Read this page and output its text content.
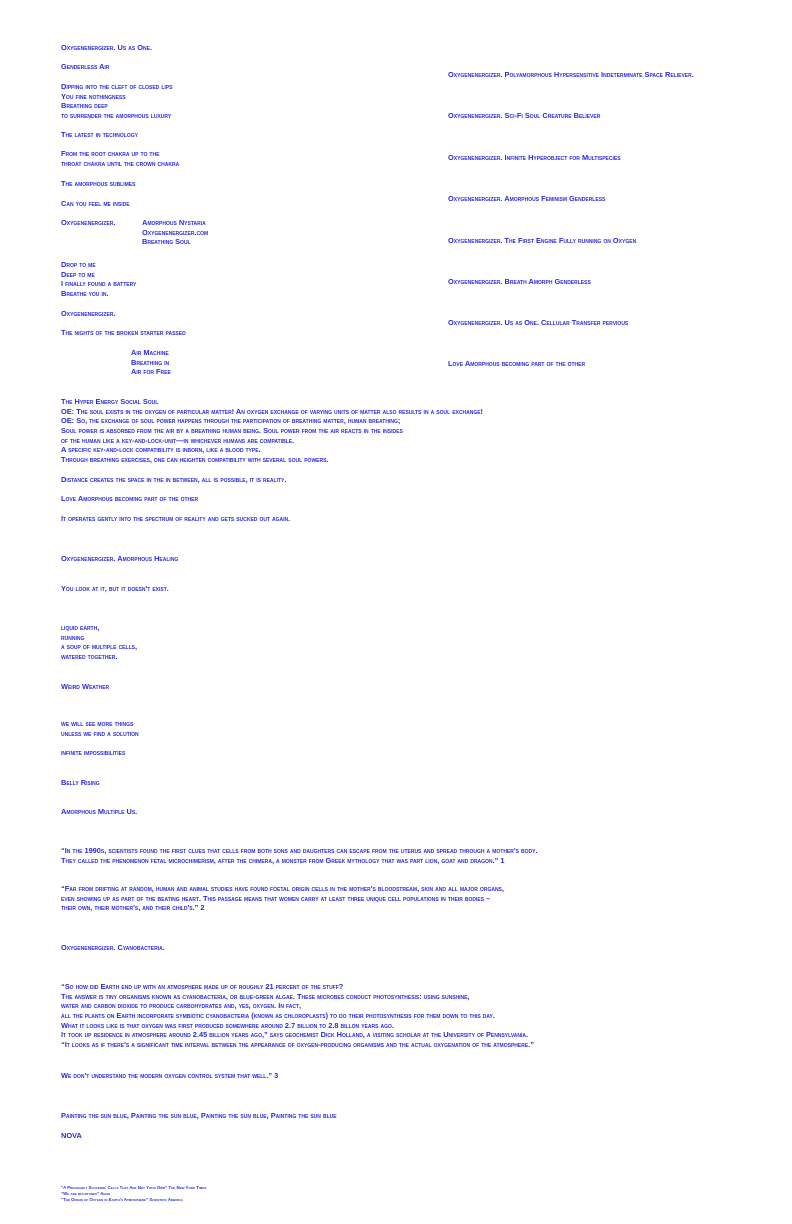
Oxygenenergizer. Us as One.
Genderless Air
Dipping into the cleft of closed lips
You fine nothingness
Breathing deep
to surrender the amorphous luxury
The latest in technology
From the root chakra up to the
throat chakra until the crown chakra
The amorphous sublimes
Can you feel me inside
Oxygenenergizer.	Amorphous Nystaria
Oxygenenergizer.com
Breathing Soul
Drop to me
Deep to me
I finally found a battery
Breathe you in.
Oxygenenergizer.
The nights of the broken starter passed
Air Machine
Breathing in
Air for Free
The Hyper Energy Social Soul
OE: The soul exists in the oxygen of particular matter! An oxygen exchange of varying units of matter also results in a soul exchange!
OE: So, the exchange of soul power happens through the participation of breathing matter, human breathing;
Soul power is absorbed from the air by a breathing human being. Soul power from the air reacts in the insides
of the human like a key-and-lock-unit—in whichever humans are compatible.
A specific key-and-lock compatibility is inborn, like a blood type.
Through breathing exercises, one can heighten compatibility with several soul powers.
Distance creates the space in the in between, all is possible, it is reality.
Love Amorphous becoming part of the other
It operates gently into the spectrum of reality and gets sucked out again.
Oxygenenergizer. Amorphous Healing
You look at it, but it doesn't exist.
liquid earth,
running
a soup of multiple cells,
watered together.
Weird Weather
we will see more things
unless we find a solution
infinite impossibilities
Belly Rising
Amorphous Multiple Us.
“In the 1990s, scientists found the first clues that cells from both sons and daughters can escape from the uterus and spread through a mother's body.
They called the phenomenon fetal microchimerism, after the chimera, a monster from Greek mythology that was part lion, goat and dragon.” 1
“Far from drifting at random, human and animal studies have found foetal origin cells in the mother's bloodstream, skin and all major organs,
even showing up as part of the beating heart. This passage means that women carry at least three unique cell populations in their bodies –
their own, their mother's, and their child's.” 2
Oxygenenergizer. Cyanobacteria.
“So how did Earth end up with an atmosphere made up of roughly 21 percent of the stuff?
The answer is tiny organisms known as cyanobacteria, or blue-green algae. These microbes conduct photosynthesis: using sunshine,
water and carbon dioxide to produce carbohydrates and, yes, oxygen. In fact,
all the plants on Earth incorporate symbiotic cyanobacteria (known as chloroplasts) to do their photosynthesis for them down to this day.
What it looks like is that oxygen was first produced somewhere around 2.7 billion to 2.8 billon years ago.
It took up residence in atmosphere around 2.45 billion years ago,” says geochemist Dick Holland, a visiting scholar at the University of Pennsylvania.
“It looks as if there's a significant time interval between the appearance of oxygen-producing organisms and the actual oxygenation of the atmosphere.”
We don't understand the modern oxygen control system that well.” 3
Painting the sun blue, Painting the sun blue, Painting the sun blue, Painting the sun blue
NOVA
“A Pregnancy Souvenir: Cells That Are Not Your Own” The New York Times
“We are multitudes” Aeon
“The Origin of Oxygen in Earth's Atmosphere” Scientific America
Oxygenenergizer. Polyamorphous Hypersensitive Indeterminate Space Reliever.
Oxygenenergizer. Sci-Fi Soul Creature Believer
Oxygenenergizer. Infinite Hyperobject for Multispecies
Oxygenenergizer. Amorphous Feminism Genderless
Oxygenenergizer. The First Engine Fully running on Oxygen
Oxygenenergizer. Breath Amorph Genderless
Oxygenenergizer. Us as One. Cellular Transfer pervious
Love Amorphous becoming part of the other
